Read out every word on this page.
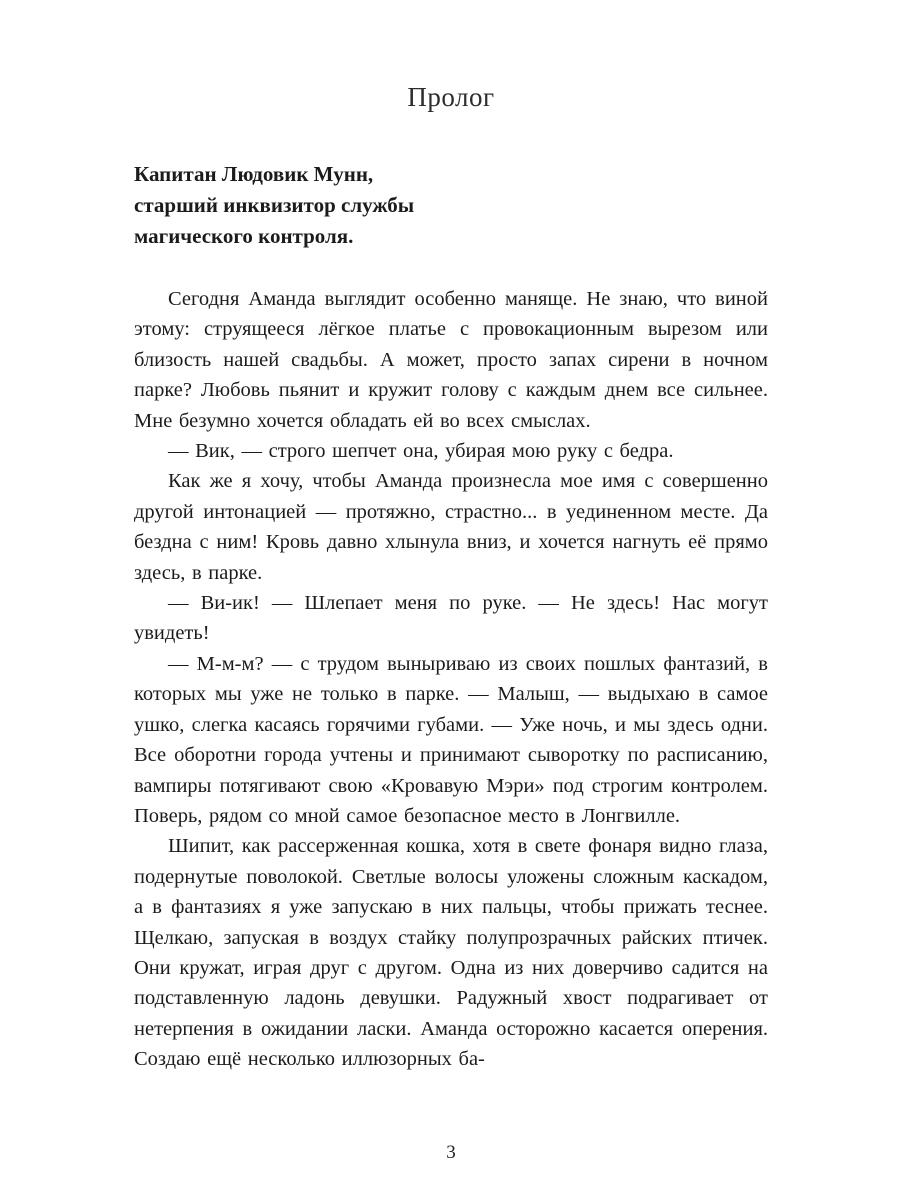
Пролог
Капитан Людовик Мунн,
старший инквизитор службы
магического контроля.

Сегодня Аманда выглядит особенно маняще. Не знаю, что виной этому: струящееся лёгкое платье с провокационным вырезом или близость нашей свадьбы. А может, просто запах сирени в ночном парке? Любовь пьянит и кружит голову с каждым днем все сильнее. Мне безумно хочется обладать ей во всех смыслах.

— Вик, — строго шепчет она, убирая мою руку с бедра.

Как же я хочу, чтобы Аманда произнесла мое имя с совершенно другой интонацией — протяжно, страстно... в уединенном месте. Да бездна с ним! Кровь давно хлынула вниз, и хочется нагнуть её прямо здесь, в парке.

— Ви-ик! — Шлепает меня по руке. — Не здесь! Нас могут увидеть!

— М-м-м? — с трудом выныриваю из своих пошлых фантазий, в которых мы уже не только в парке. — Малыш, — выдыхаю в самое ушко, слегка касаясь горячими губами. — Уже ночь, и мы здесь одни. Все оборотни города учтены и принимают сыворотку по расписанию, вампиры потягивают свою «Кровавую Мэри» под строгим контролем. Поверь, рядом со мной самое безопасное место в Лонгвилле.

Шипит, как рассерженная кошка, хотя в свете фонаря видно глаза, подернутые поволокой. Светлые волосы уложены сложным каскадом, а в фантазиях я уже запускаю в них пальцы, чтобы прижать теснее. Щелкаю, запуская в воздух стайку полупрозрачных райских птичек. Они кружат, играя друг с другом. Одна из них доверчиво садится на подставленную ладонь девушки. Радужный хвост подрагивает от нетерпения в ожидании ласки. Аманда осторожно касается оперения. Создаю ещё несколько иллюзорных ба-

3
